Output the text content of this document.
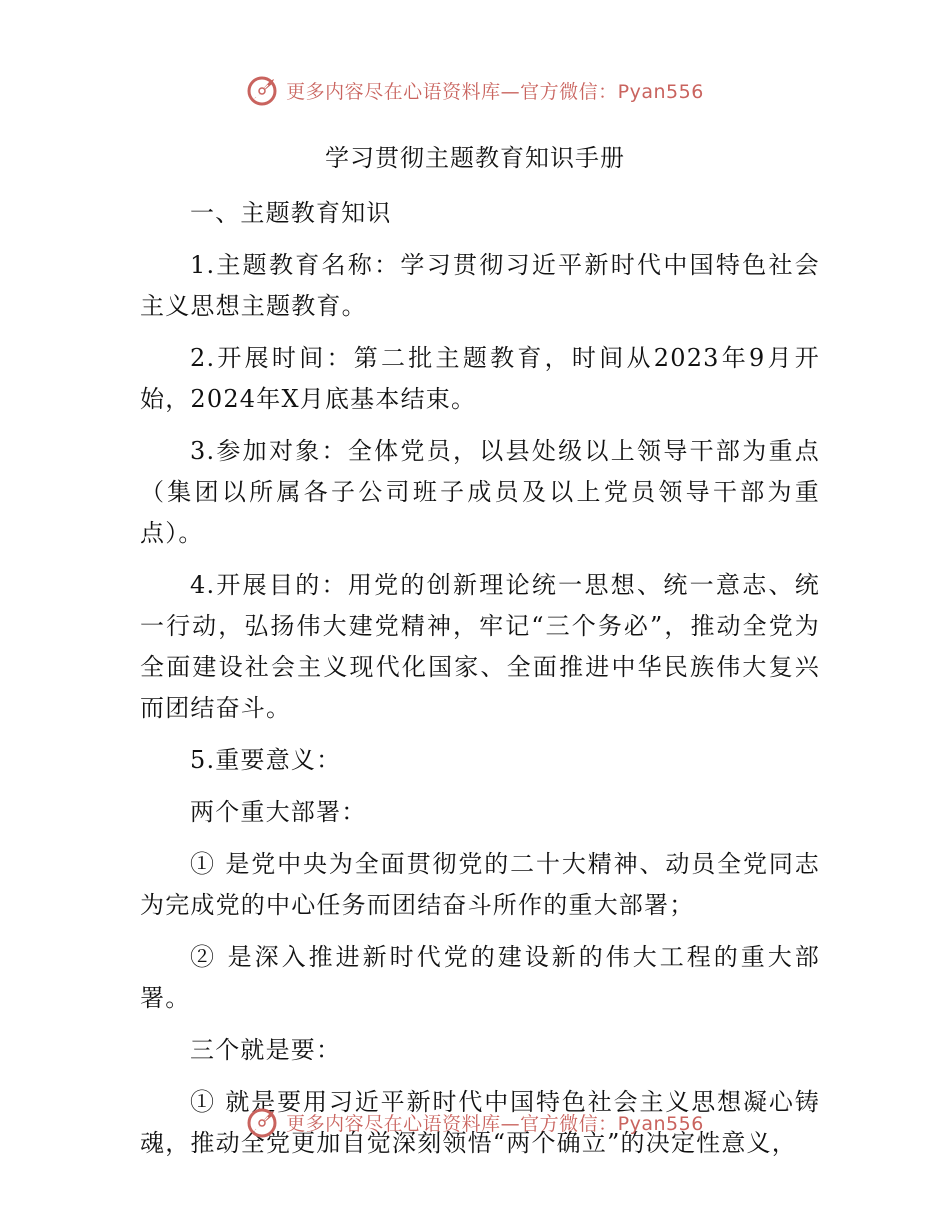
更多内容尽在心语资料库—官方微信：Pyan556
学习贯彻主题教育知识手册

一、主题教育知识

1.主题教育名称：学习贯彻习近平新时代中国特色社会主义思想主题教育。

2.开展时间：第二批主题教育，时间从2023年9月开始，2024年X月底基本结束。

3.参加对象：全体党员，以县处级以上领导干部为重点（集团以所属各子公司班子成员及以上党员领导干部为重点）。

4.开展目的：用党的创新理论统一思想、统一意志、统一行动，弘扬伟大建党精神，牢记“三个务必”，推动全党为全面建设社会主义现代化国家、全面推进中华民族伟大复兴而团结奋斗。

5.重要意义：

两个重大部署：

① 是党中央为全面贯彻党的二十大精神、动员全党同志为完成党的中心任务而团结奋斗所作的重大部署；

② 是深入推进新时代党的建设新的伟大工程的重大部署。

三个就是要：

① 就是要用习近平新时代中国特色社会主义思想凝心铸魂，推动全党更加自觉深刻领悟“两个确立”的决定性意义，

更多内容尽在心语资料库—官方微信：Pyan556
